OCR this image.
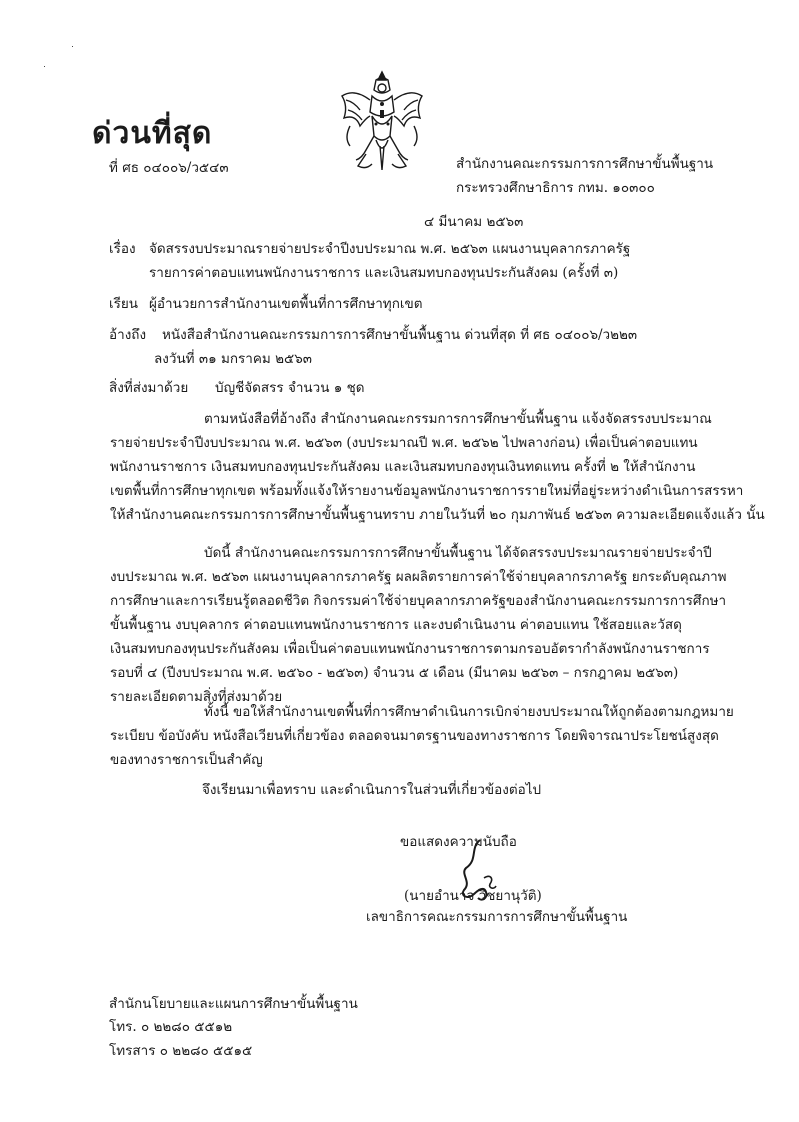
ด่วนที่สุด
ที่ ศธ ๐๔๐๐๖/ว๕๔๓	สำนักงานคณะกรรมการการศึกษาขั้นพื้นฐาน
กระทรวงศึกษาธิการ กทม. ๑๐๓๐๐
๔ มีนาคม ๒๕๖๓
เรื่อง จัดสรรงบประมาณรายจ่ายประจำปีงบประมาณ พ.ศ. ๒๕๖๓ แผนงานบุคลากรภาครัฐ
รายการค่าตอบแทนพนักงานราชการ และเงินสมทบกองทุนประกันสังคม (ครั้งที่ ๓)
เรียน ผู้อำนวยการสำนักงานเขตพื้นที่การศึกษาทุกเขต
อ้างถึง หนังสือสำนักงานคณะกรรมการการศึกษาขั้นพื้นฐาน ด่วนที่สุด ที่ ศธ ๐๔๐๐๖/ว๒๒๓
ลงวันที่ ๓๑ มกราคม ๒๕๖๓
สิ่งที่ส่งมาด้วย บัญชีจัดสรร จำนวน ๑ ชุด
ตามหนังสือที่อ้างถึง สำนักงานคณะกรรมการการศึกษาขั้นพื้นฐาน แจ้งจัดสรรงบประมาณ
รายจ่ายประจำปีงบประมาณ พ.ศ. ๒๕๖๓ (งบประมาณปี พ.ศ. ๒๕๖๒ ไปพลางก่อน) เพื่อเป็นค่าตอบแทน
พนักงานราชการ เงินสมทบกองทุนประกันสังคม และเงินสมทบกองทุนเงินทดแทน ครั้งที่ ๒ ให้สำนักงาน
เขตพื้นที่การศึกษาทุกเขต พร้อมทั้งแจ้งให้รายงานข้อมูลพนักงานราชการรายใหม่ที่อยู่ระหว่างดำเนินการสรรหา
ให้สำนักงานคณะกรรมการการศึกษาขั้นพื้นฐานทราบ ภายในวันที่ ๒๐ กุมภาพันธ์ ๒๕๖๓ ความละเอียดแจ้งแล้ว นั้น
บัดนี้ สำนักงานคณะกรรมการการศึกษาขั้นพื้นฐาน ได้จัดสรรงบประมาณรายจ่ายประจำปี
งบประมาณ พ.ศ. ๒๕๖๓ แผนงานบุคลากรภาครัฐ ผลผลิตรายการค่าใช้จ่ายบุคลากรภาครัฐ ยกระดับคุณภาพ
การศึกษาและการเรียนรู้ตลอดชีวิต กิจกรรมค่าใช้จ่ายบุคลากรภาครัฐของสำนักงานคณะกรรมการการศึกษา
ขั้นพื้นฐาน งบบุคลากร ค่าตอบแทนพนักงานราชการ และงบดำเนินงาน ค่าตอบแทน ใช้สอยและวัสดุ
เงินสมทบกองทุนประกันสังคม เพื่อเป็นค่าตอบแทนพนักงานราชการตามกรอบอัตรากำลังพนักงานราชการ
รอบที่ ๔ (ปีงบประมาณ พ.ศ. ๒๕๖๐ - ๒๕๖๓) จำนวน ๕ เดือน (มีนาคม ๒๕๖๓ – กรกฎาคม ๒๕๖๓)
รายละเอียดตามสิ่งที่ส่งมาด้วย
ทั้งนี้ ขอให้สำนักงานเขตพื้นที่การศึกษาดำเนินการเบิกจ่ายงบประมาณให้ถูกต้องตามกฎหมาย
ระเบียบ ข้อบังคับ หนังสือเวียนที่เกี่ยวข้อง ตลอดจนมาตรฐานของทางราชการ โดยพิจารณาประโยชน์สูงสุด
ของทางราชการเป็นสำคัญ
จึงเรียนมาเพื่อทราบ และดำเนินการในส่วนที่เกี่ยวข้องต่อไป
ขอแสดงความนับถือ
(นายอำนาจ วิชยานุวัติ)
เลขาธิการคณะกรรมการการศึกษาขั้นพื้นฐาน
สำนักนโยบายและแผนการศึกษาขั้นพื้นฐาน
โทร. ๐ ๒๒๘๐ ๕๕๑๒
โทรสาร ๐ ๒๒๘๐ ๕๕๑๕
